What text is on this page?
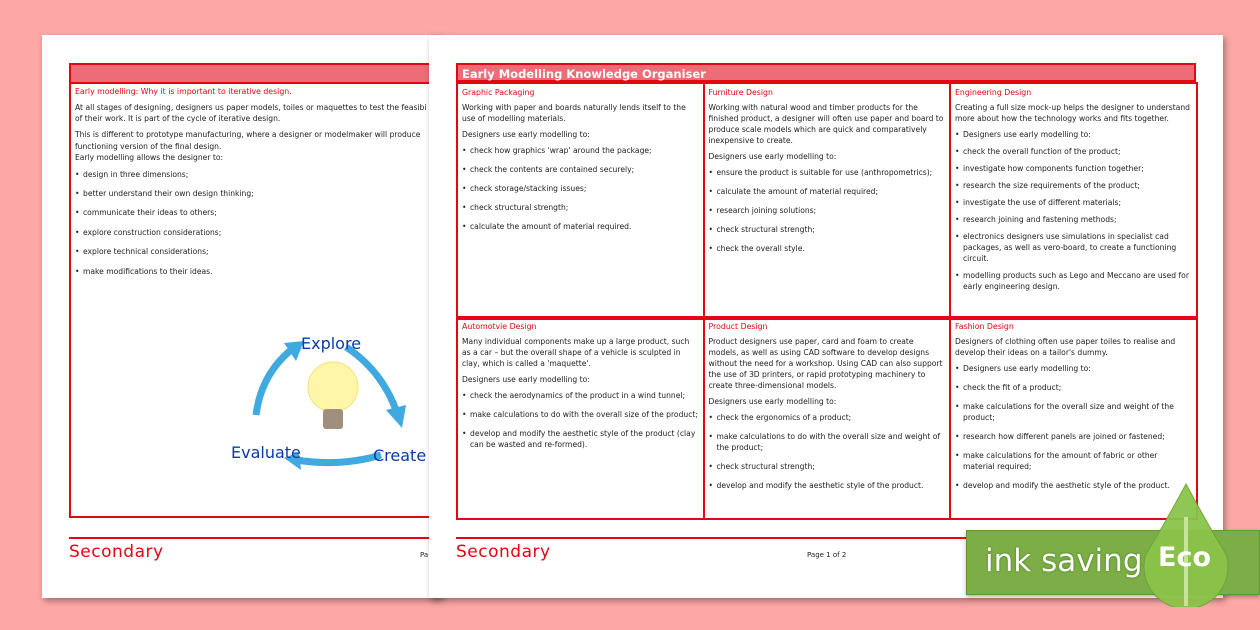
Early modelling: Why it is important to iterative design.
At all stages of designing, designers us paper models, toiles or maquettes to test the feasibi
of their work. It is part of the cycle of iterative design.
This is different to prototype manufacturing, where a designer or modelmaker will produce
functioning version of the final design.
Early modelling allows the designer to:
• design in three dimensions;
• better understand their own design thinking;
• communicate their ideas to others;
• explore construction considerations;
• explore technical considerations;
• make modifications to their ideas.
Explore
Create
Evaluate
Secondary	Pa
Early Modelling Knowledge Organiser
Graphic Packaging
Working with paper and boards naturally lends itself to the use of modelling materials.
Designers use early modelling to:
• check how graphics 'wrap' around the package;
• check the contents are contained securely;
• check storage/stacking issues;
• check structural strength;
• calculate the amount of material required.
Furniture Design
Working with natural wood and timber products for the finished product, a designer will often use paper and board to produce scale models which are quick and comparatively inexpensive to create.
Designers use early modelling to:
• ensure the product is suitable for use (anthropometrics);
• calculate the amount of material required;
• research joining solutions;
• check structural strength;
• check the overall style.
Engineering Design
Creating a full size mock-up helps the designer to understand more about how the technology works and fits together.
• Designers use early modelling to:
• check the overall function of the product;
• investigate how components function together;
• research the size requirements of the product;
• investigate the use of different materials;
• research joining and fastening methods;
• electronics designers use simulations in specialist cad packages, as well as vero-board, to create a functioning circuit.
• modelling products such as Lego and Meccano are used for early engineering design.
Automotvie Design
Many individual components make up a large product, such as a car – but the overall shape of a vehicle is sculpted in clay, which is called a 'maquette'.
Designers use early modelling to:
• check the aerodynamics of the product in a wind tunnel;
• make calculations to do with the overall size of the product;
• develop and modify the aesthetic style of the product (clay can be wasted and re-formed).
Product Design
Product designers use paper, card and foam to create models, as well as using CAD software to develop designs without the need for a workshop. Using CAD can also support the use of 3D printers, or rapid prototyping machinery to create three-dimensional models.
Designers use early modelling to:
• check the ergonomics of a product;
• make calculations to do with the overall size and weight of the product;
• check structural strength;
• develop and modify the aesthetic style of the product.
Fashion Design
Designers of clothing often use paper toiles to realise and develop their ideas on a tailor's dummy.
• Designers use early modelling to:
• check the fit of a product;
• make calculations for the overall size and weight of the product;
• research how different panels are joined or fastened;
• make calculations for the amount of fabric or other material required;
• develop and modify the aesthetic style of the product.
Secondary	Page 1 of 2	ink saving Eco
